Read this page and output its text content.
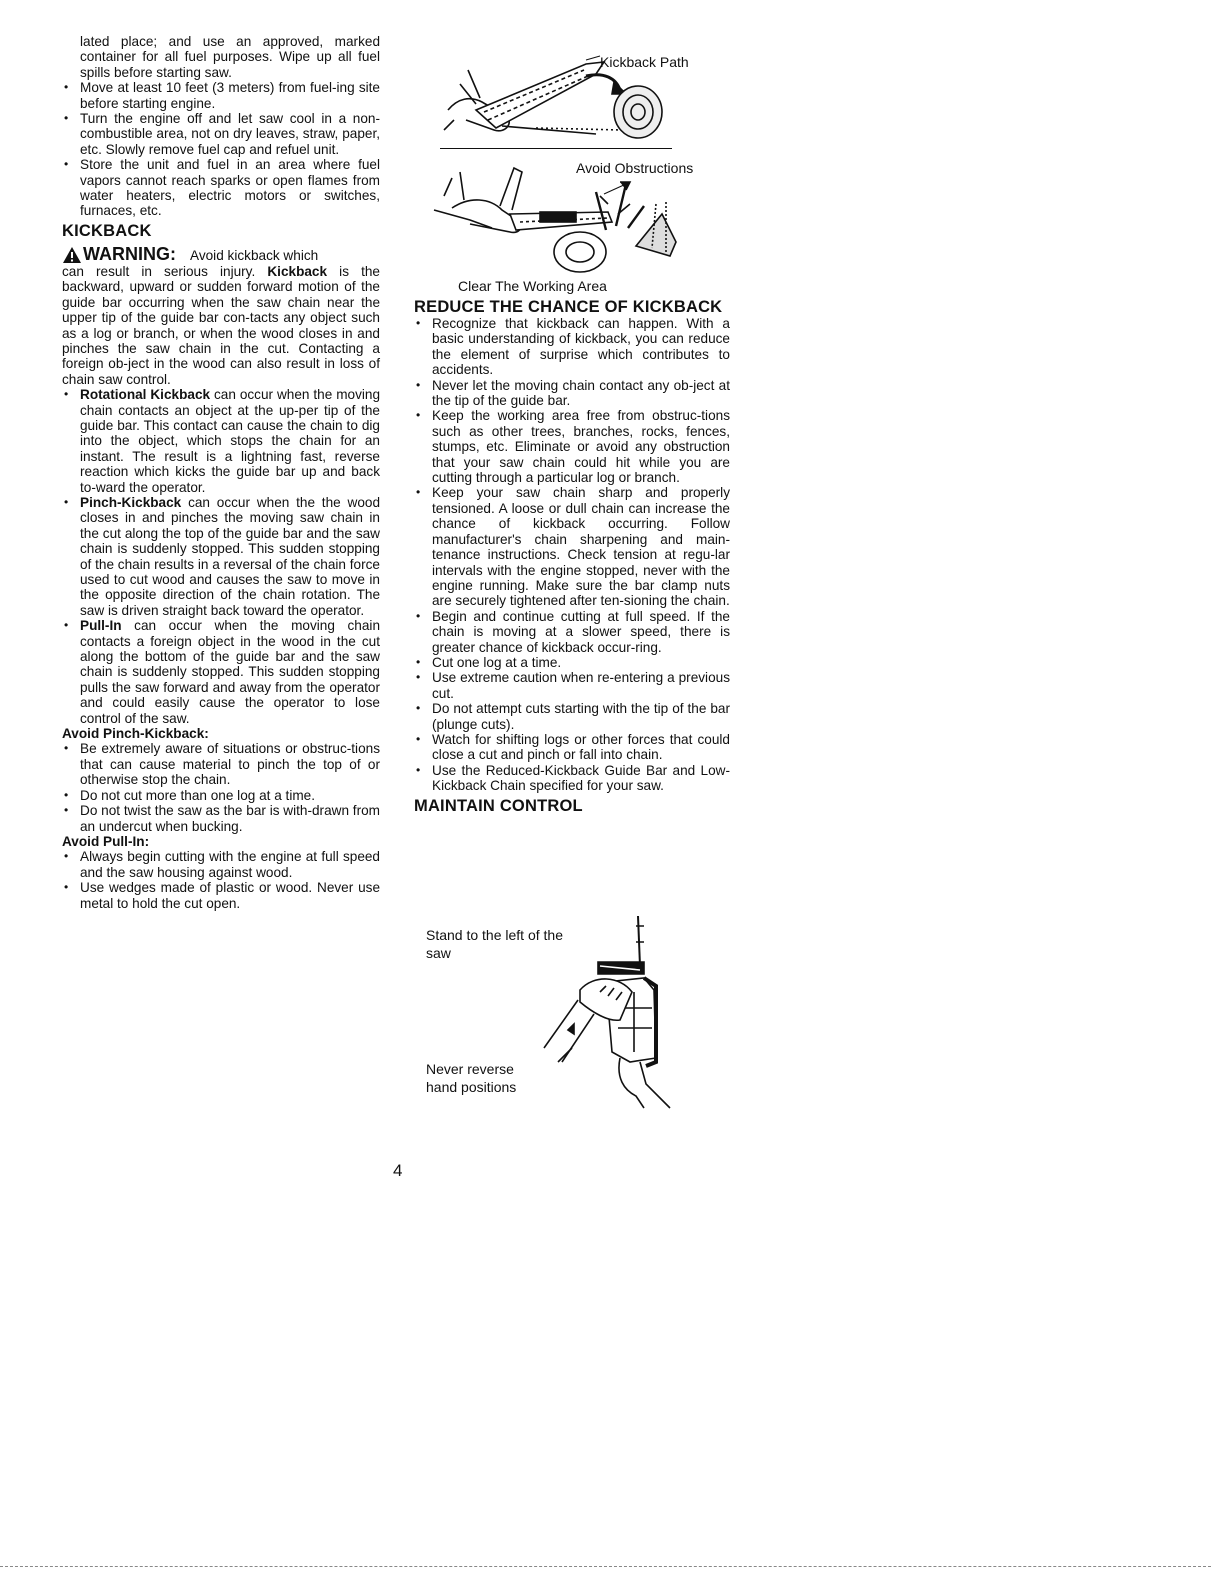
lated place; and use an approved, marked container for all fuel purposes. Wipe up all fuel spills before starting saw.

• Move at least 10 feet (3 meters) from fuel-ing site before starting engine.
• Turn the engine off and let saw cool in a non-combustible area, not on dry leaves, straw, paper, etc. Slowly remove fuel cap and refuel unit.
• Store the unit and fuel in an area where fuel vapors cannot reach sparks or open flames from water heaters, electric motors or switches, furnaces, etc.
KICKBACK
WARNING: Avoid kickback which

can result in serious injury. Kickback is the backward, upward or sudden forward motion of the guide bar occurring when the saw chain near the upper tip of the guide bar con-tacts any object such as a log or branch, or when the wood closes in and pinches the saw chain in the cut. Contacting a foreign ob-ject in the wood can also result in loss of chain saw control.

• Rotational Kickback can occur when the moving chain contacts an object at the up-per tip of the guide bar. This contact can cause the chain to dig into the object, which stops the chain for an instant. The result is a lightning fast, reverse reaction which kicks the guide bar up and back to-ward the operator.
• Pinch-Kickback can occur when the the wood closes in and pinches the moving saw chain in the cut along the top of the guide bar and the saw chain is suddenly stopped. This sudden stopping of the chain results in a reversal of the chain force used to cut wood and causes the saw to move in the opposite direction of the chain rotation. The saw is driven straight back toward the operator.
• Pull-In can occur when the moving chain contacts a foreign object in the wood in the cut along the bottom of the guide bar and the saw chain is suddenly stopped. This sudden stopping pulls the saw forward and away from the operator and could easily cause the operator to lose control of the saw.
Avoid Pinch-Kickback:
• Be extremely aware of situations or obstruc-tions that can cause material to pinch the top of or otherwise stop the chain.
• Do not cut more than one log at a time.
• Do not twist the saw as the bar is with-drawn from an undercut when bucking.
Avoid Pull-In:
• Always begin cutting with the engine at full speed and the saw housing against wood.
• Use wedges made of plastic or wood. Never use metal to hold the cut open.
Kickback Path
Avoid Obstructions
Clear The Working Area
REDUCE THE CHANCE OF KICKBACK
• Recognize that kickback can happen. With a basic understanding of kickback, you can reduce the element of surprise which contributes to accidents.
• Never let the moving chain contact any ob-ject at the tip of the guide bar.
• Keep the working area free from obstruc-tions such as other trees, branches, rocks, fences, stumps, etc. Eliminate or avoid any obstruction that your saw chain could hit while you are cutting through a particular log or branch.
• Keep your saw chain sharp and properly tensioned. A loose or dull chain can increase the chance of kickback occurring. Follow manufacturer's chain sharpening and main-tenance instructions. Check tension at regu-lar intervals with the engine stopped, never with the engine running. Make sure the bar clamp nuts are securely tightened after ten-sioning the chain.
• Begin and continue cutting at full speed. If the chain is moving at a slower speed, there is greater chance of kickback occur-ring.
• Cut one log at a time.
• Use extreme caution when re-entering a previous cut.
• Do not attempt cuts starting with the tip of the bar (plunge cuts).
• Watch for shifting logs or other forces that could close a cut and pinch or fall into chain.
• Use the Reduced-Kickback Guide Bar and Low-Kickback Chain specified for your saw.
MAINTAIN CONTROL
Stand to the left of the saw
Never reverse hand positions
4
